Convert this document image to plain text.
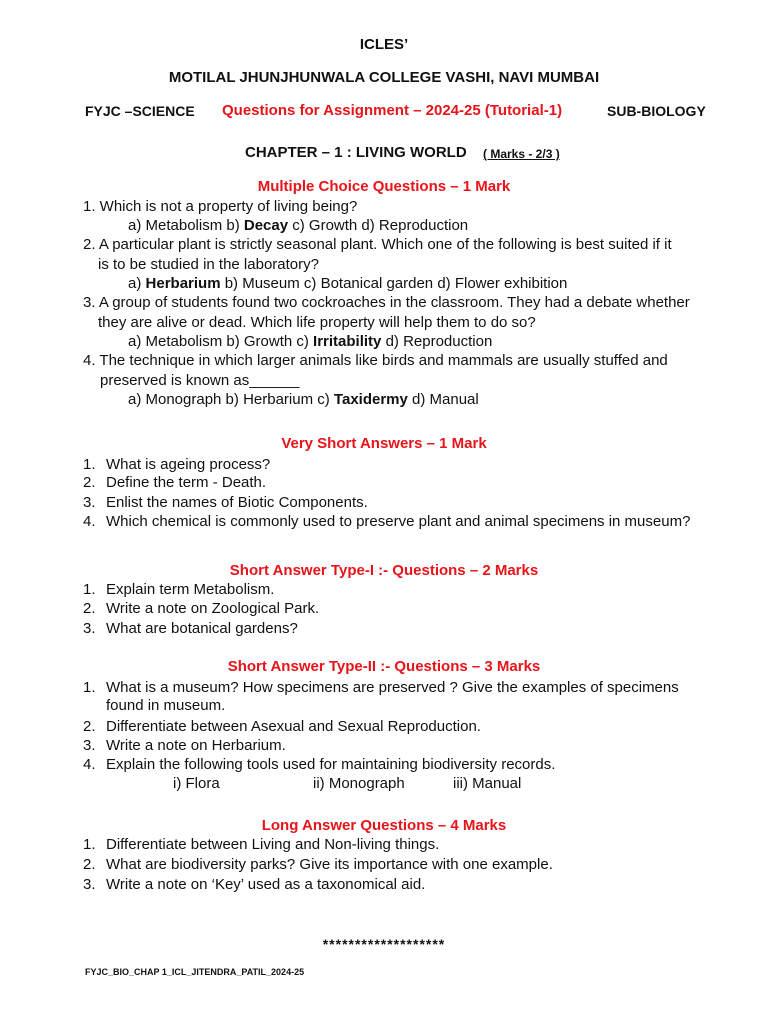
ICLES’
MOTILAL JHUNJHUNWALA COLLEGE VASHI, NAVI MUMBAI
FYJC –SCIENCE Questions for Assignment – 2024-25 (Tutorial-1)	SUB-BIOLOGY
CHAPTER – 1 : LIVING WORLD ( Marks - 2/3 )
Multiple Choice Questions – 1 Mark
1. Which is not a property of living being?
a) Metabolism b) Decay c) Growth d) Reproduction
2. A particular plant is strictly seasonal plant. Which one of the following is best suited if it
is to be studied in the laboratory?
a) Herbarium b) Museum c) Botanical garden d) Flower exhibition
3. A group of students found two cockroaches in the classroom. They had a debate whether
they are alive or dead. Which life property will help them to do so?
a) Metabolism b) Growth c) Irritability d) Reproduction
4. The technique in which larger animals like birds and mammals are usually stuffed and
preserved is known as______
a) Monograph b) Herbarium c) Taxidermy d) Manual
Very Short Answers – 1 Mark
1. What is ageing process?
2. Define the term - Death.
3. Enlist the names of Biotic Components.
4. Which chemical is commonly used to preserve plant and animal specimens in museum?
Short Answer Type-I :- Questions – 2 Marks
1. Explain term Metabolism.
2. Write a note on Zoological Park.
3. What are botanical gardens?
Short Answer Type-II :- Questions – 3 Marks
1. What is a museum? How specimens are preserved ? Give the examples of specimens
found in museum.
2. Differentiate between Asexual and Sexual Reproduction.
3. Write a note on Herbarium.
4. Explain the following tools used for maintaining biodiversity records.
i) Flora	ii) Monograph	iii) Manual
Long Answer Questions – 4 Marks
1. Differentiate between Living and Non-living things.
2. What are biodiversity parks? Give its importance with one example.
3. Write a note on ‘Key’ used as a taxonomical aid.
*******************
FYJC_BIO_CHAP 1_ICL_JITENDRA_PATIL_2024-25
